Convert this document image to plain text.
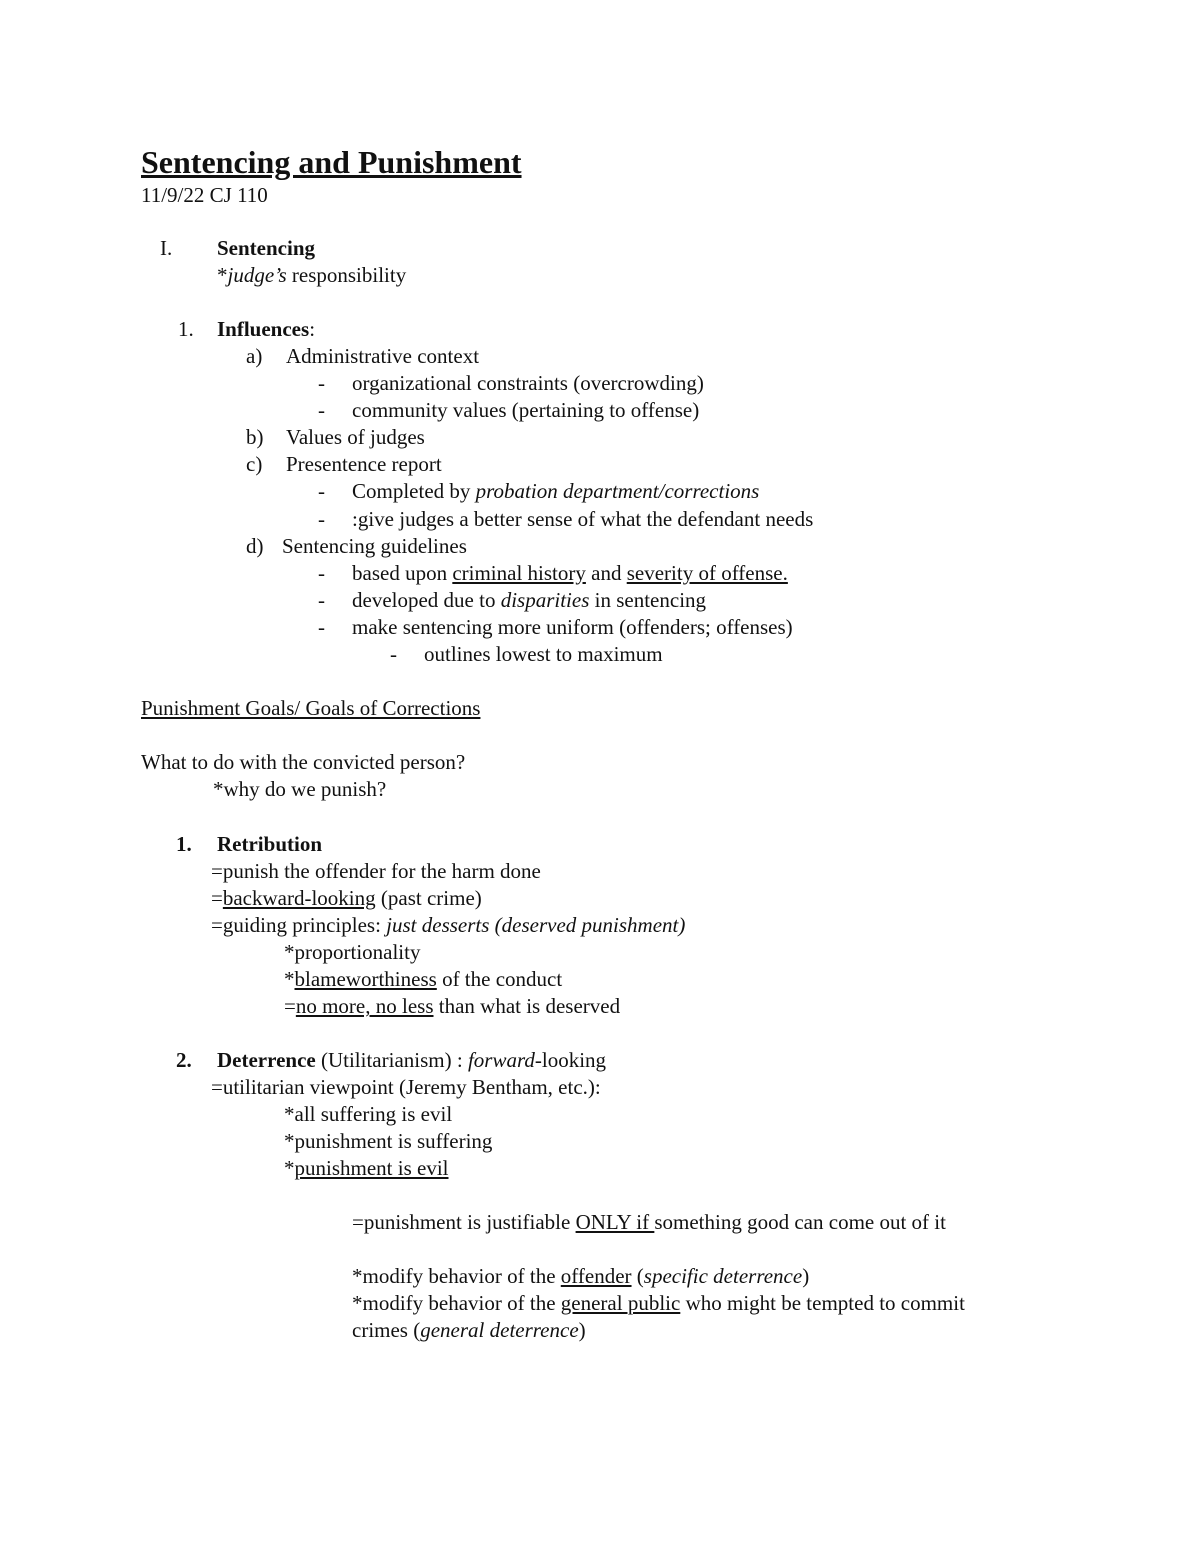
Sentencing and Punishment
11/9/22 CJ 110
I. Sentencing
*judge’s responsibility
1. Influences:
a) Administrative context
- organizational constraints (overcrowding)
- community values (pertaining to offense)
b) Values of judges
c) Presentence report
- Completed by probation department/corrections
- :give judges a better sense of what the defendant needs
d) Sentencing guidelines
- based upon criminal history and severity of offense.
- developed due to disparities in sentencing
- make sentencing more uniform (offenders; offenses)
- outlines lowest to maximum
Punishment Goals/ Goals of Corrections
What to do with the convicted person?
*why do we punish?
1. Retribution
=punish the offender for the harm done
=backward-looking (past crime)
=guiding principles: just desserts (deserved punishment)
*proportionality
*blameworthiness of the conduct
=no more, no less than what is deserved
2. Deterrence (Utilitarianism) : forward-looking
=utilitarian viewpoint (Jeremy Bentham, etc.):
*all suffering is evil
*punishment is suffering
*punishment is evil
=punishment is justifiable ONLY if something good can come out of it
*modify behavior of the offender (specific deterrence)
*modify behavior of the general public who might be tempted to commit
crimes (general deterrence)
